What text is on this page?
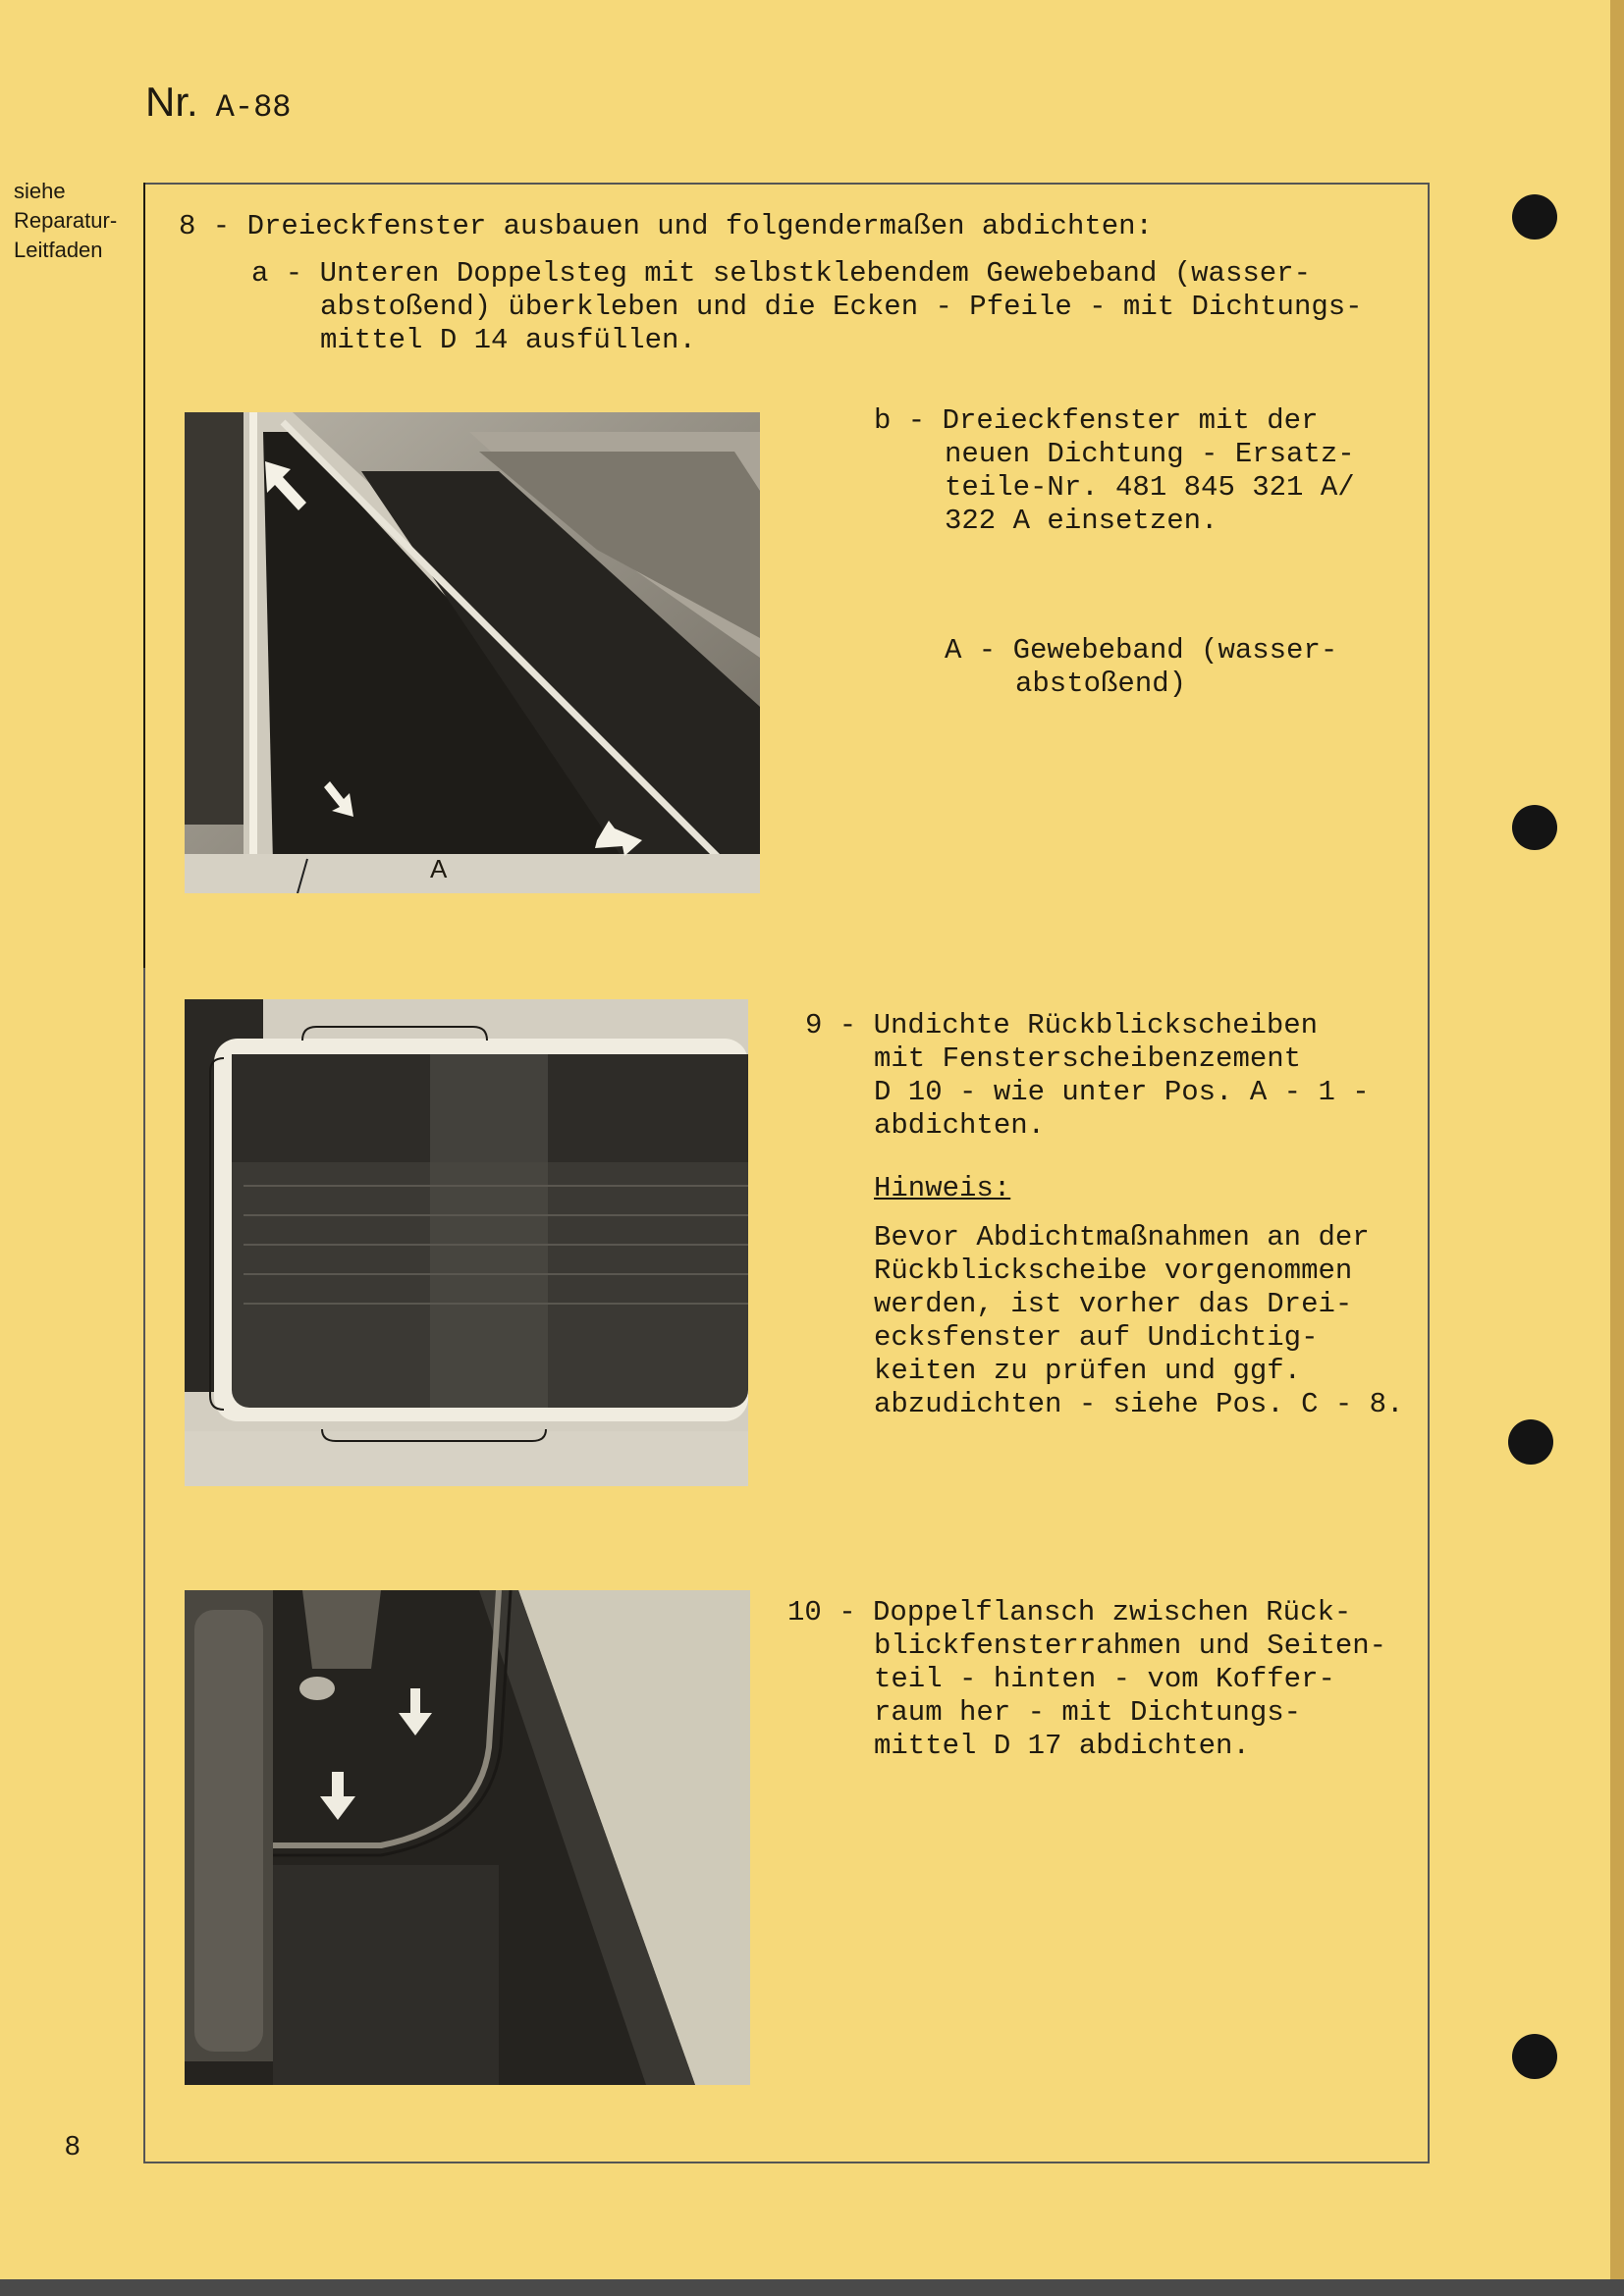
Nr. A-88
siehe
Reparatur-
Leitfaden
8 - Dreieckfenster ausbauen und folgendermaßen abdichten:
a - Unteren Doppelsteg mit selbstklebendem Gewebeband (wasser-
abstoßend) überkleben und die Ecken - Pfeile - mit Dichtungs-
mittel D 14 ausfüllen.
A
b - Dreieckfenster mit der
neuen Dichtung - Ersatz-
teile-Nr. 481 845 321 A/
322 A einsetzen.
A - Gewebeband (wasser-
abstoßend)
9 - Undichte Rückblickscheiben
mit Fensterscheibenzement
D 10 - wie unter Pos. A - 1 -
abdichten.
Hinweis:
Bevor Abdichtmaßnahmen an der
Rückblickscheibe vorgenommen
werden, ist vorher das Drei-
ecksfenster auf Undichtig-
keiten zu prüfen und ggf.
abzudichten - siehe Pos. C - 8.
10 - Doppelflansch zwischen Rück-
blickfensterrahmen und Seiten-
teil - hinten - vom Koffer-
raum her - mit Dichtungs-
mittel D 17 abdichten.
8
